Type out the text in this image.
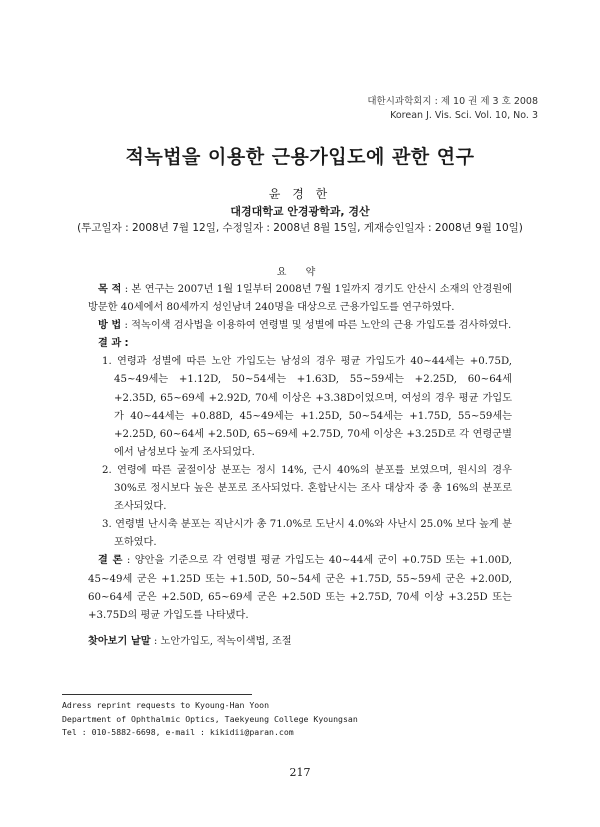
대한시과학회지 : 제 10 권 제 3 호 2008
Korean J. Vis. Sci. Vol. 10, No. 3
적녹법을 이용한 근용가입도에 관한 연구
윤 경 한
대경대학교 안경광학과, 경산
(투고일자 : 2008년 7월 12일, 수정일자 : 2008년 8월 15일, 게재승인일자 : 2008년 9월 10일)
요 약

목 적 : 본 연구는 2007년 1월 1일부터 2008년 7월 1일까지 경기도 안산시 소재의 안경원에 방문한 40세에서 80세까지 성인남녀 240명을 대상으로 근용가입도를 연구하였다.

방 법 : 적녹이색 검사법을 이용하여 연령별 및 성별에 따른 노안의 근용 가입도를 검사하였다.

결 과 :

1. 연령과 성별에 따른 노안 가입도는 남성의 경우 평균 가입도가 40~44세는 +0.75D, 45~49세는 +1.12D, 50~54세는 +1.63D, 55~59세는 +2.25D, 60~64세 +2.35D, 65~69세 +2.92D, 70세 이상은 +3.38D이었으며, 여성의 경우 평균 가입도가 40~44세는 +0.88D, 45~49세는 +1.25D, 50~54세는 +1.75D, 55~59세는 +2.25D, 60~64세 +2.50D, 65~69세 +2.75D, 70세 이상은 +3.25D로 각 연령군별에서 남성보다 높게 조사되었다.

2. 연령에 따른 굴절이상 분포는 정시 14%, 근시 40%의 분포를 보였으며, 원시의 경우 30%로 정시보다 높은 분포로 조사되었다. 혼합난시는 조사 대상자 중 총 16%의 분포로 조사되었다.

3. 연령별 난시축 분포는 직난시가 총 71.0%로 도난시 4.0%와 사난시 25.0% 보다 높게 분포하였다.

결 론 : 양안을 기준으로 각 연령별 평균 가입도는 40~44세 군이 +0.75D 또는 +1.00D, 45~49세 군은 +1.25D 또는 +1.50D, 50~54세 군은 +1.75D, 55~59세 군은 +2.00D, 60~64세 군은 +2.50D, 65~69세 군은 +2.50D 또는 +2.75D, 70세 이상 +3.25D 또는 +3.75D의 평균 가입도를 나타냈다.

찾아보기 낱말 : 노안가입도, 적녹이색법, 조절

Adress reprint requests to Kyoung-Han Yoon
Department of Ophthalmic Optics, Taekyeung College Kyoungsan
Tel : 010-5882-6698, e-mail : kikidii@paran.com
217
